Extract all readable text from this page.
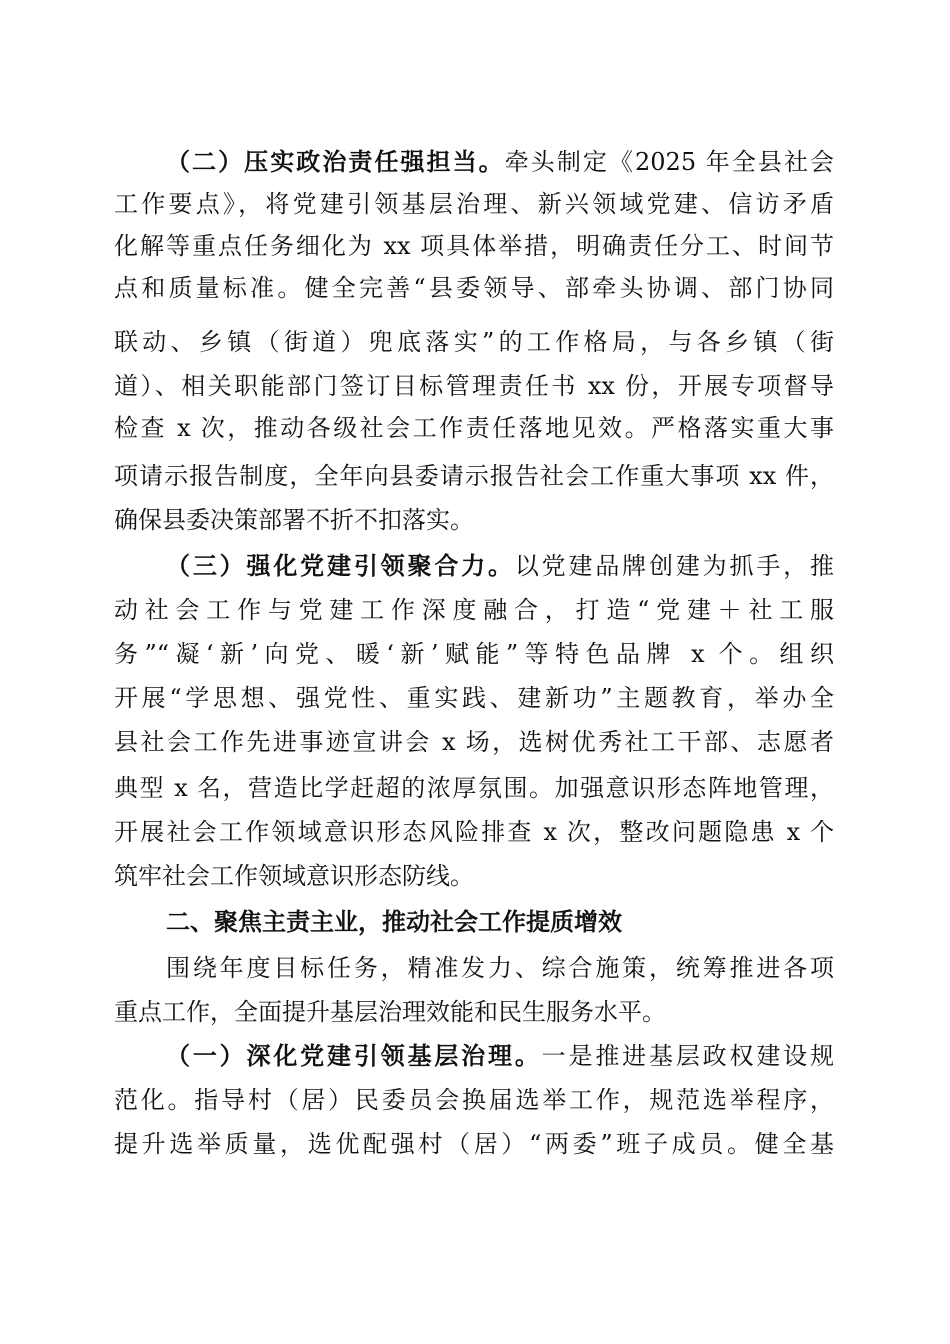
（二）压实政治责任强担当。牵头制定《2025 年全县社会
工作要点》，将党建引领基层治理、新兴领域党建、信访矛盾
化解等重点任务细化为 xx 项具体举措，明确责任分工、时间节
点和质量标准。健全完善“县委领导、部牵头协调、部门协同
联动、乡镇（街道）兜底落实”的工作格局，与各乡镇（街
道）、相关职能部门签订目标管理责任书 xx 份，开展专项督导
检查 x 次，推动各级社会工作责任落地见效。严格落实重大事
项请示报告制度，全年向县委请示报告社会工作重大事项 xx 件，
确保县委决策部署不折不扣落实。
（三）强化党建引领聚合力。以党建品牌创建为抓手，推
动社会工作与党建工作深度融合，打造“党建＋社工服
务”“凝‘新’向党、暖‘新’赋能”等特色品牌 x 个。组织
开展“学思想、强党性、重实践、建新功”主题教育，举办全
县社会工作先进事迹宣讲会 x 场，选树优秀社工干部、志愿者
典型 x 名，营造比学赶超的浓厚氛围。加强意识形态阵地管理，
开展社会工作领域意识形态风险排查 x 次，整改问题隐患 x 个
筑牢社会工作领域意识形态防线。
二、聚焦主责主业，推动社会工作提质增效
围绕年度目标任务，精准发力、综合施策，统筹推进各项
重点工作，全面提升基层治理效能和民生服务水平。
（一）深化党建引领基层治理。一是推进基层政权建设规
范化。指导村（居）民委员会换届选举工作，规范选举程序，
提升选举质量，选优配强村（居）“两委”班子成员。健全基
